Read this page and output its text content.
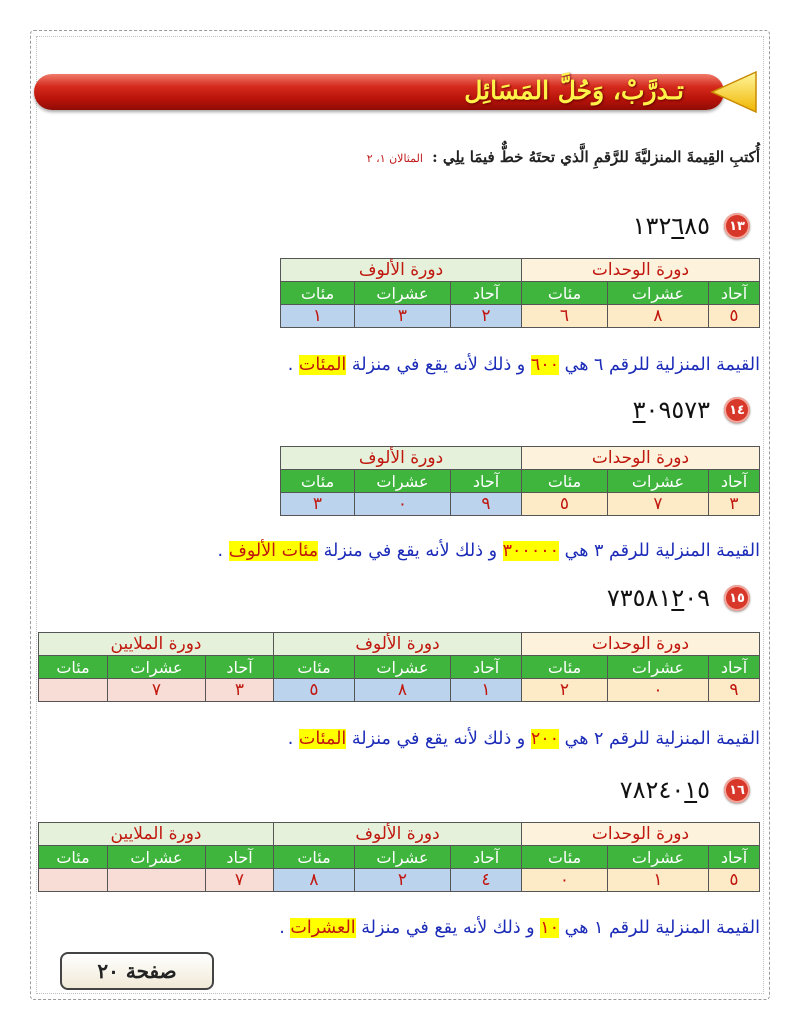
تـدرَّبْ، وَحُلَّ المَسَائِل
أُكتبِ القِيمةَ المنزليَّةَ للرَّقمِ الَّذي تحتَهُ خطٌّ فيمَا يلِي : المثالان ١، ٢
١٣
١٣٢٦٨٥
دورة الوحدات			دورة الألوف		
آحاد	عشرات	مئات	آحاد	عشرات	مئات
٥	٨	٦	٢	٣	١
القيمة المنزلية للرقم ٦ هي ٦٠٠ و ذلك لأنه يقع في منزلة المئات .
١٤
٣٠٩٥٧٣
دورة الوحدات			دورة الألوف		
آحاد	عشرات	مئات	آحاد	عشرات	مئات
٣	٧	٥	٩	٠	٣
القيمة المنزلية للرقم ٣ هي ٣٠٠٠٠٠ و ذلك لأنه يقع في منزلة مئات الألوف .
١٥
٧٣٥٨١٢٠٩
دورة الوحدات			دورة الألوف			دورة الملايين		
آحاد	عشرات	مئات	آحاد	عشرات	مئات	آحاد	عشرات	مئات
٩	٠	٢	١	٨	٥	٣	٧	
القيمة المنزلية للرقم ٢ هي ٢٠٠ و ذلك لأنه يقع في منزلة المئات .
١٦
٧٨٢٤٠١٥
دورة الوحدات			دورة الألوف			دورة الملايين		
آحاد	عشرات	مئات	آحاد	عشرات	مئات	آحاد	عشرات	مئات
٥	١	٠	٤	٢	٨	٧		
القيمة المنزلية للرقم ١ هي ١٠ و ذلك لأنه يقع في منزلة العشرات .
صفحة ٢٠
